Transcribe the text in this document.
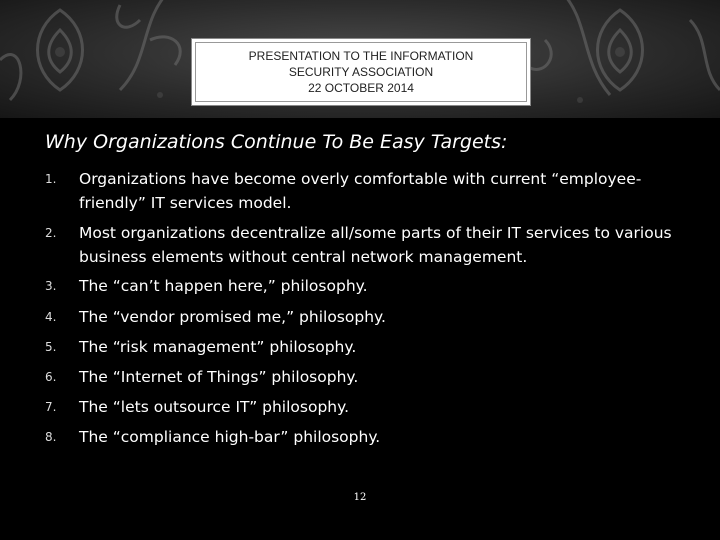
PRESENTATION TO THE INFORMATION
SECURITY ASSOCIATION
22 OCTOBER 2014
Why Organizations Continue To Be Easy Targets:
1.	Organizations have become overly comfortable with current “employee-friendly” IT services model.
2.	Most organizations decentralize all/some parts of their IT services to various business elements without central network management.
3.	The “can’t happen here,” philosophy.
4.	The “vendor promised me,” philosophy.
5.	The “risk management” philosophy.
6.	The “Internet of Things” philosophy.
7.	The “lets outsource IT” philosophy.
8.	The “compliance high-bar” philosophy.
12
